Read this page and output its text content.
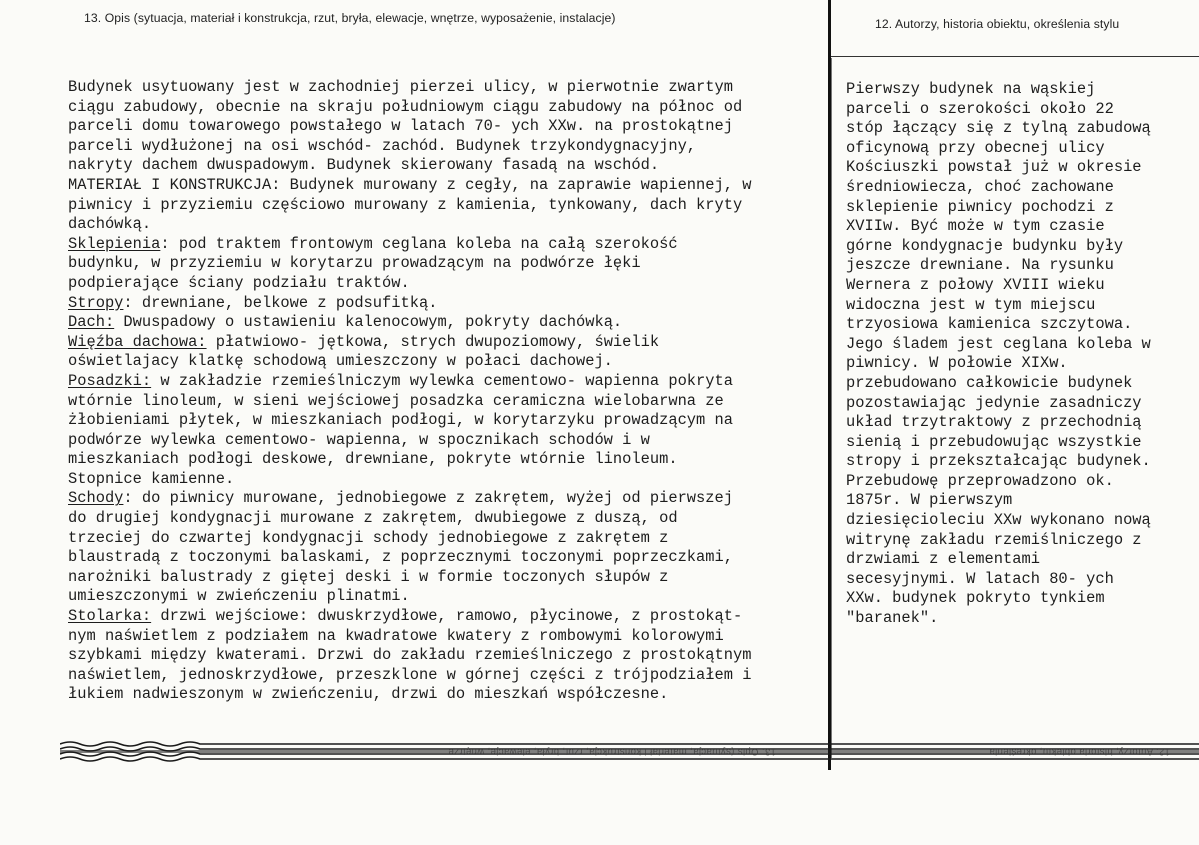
13. Opis (sytuacja, materiał i konstrukcja, rzut, bryła, elewacje, wnętrze, wyposażenie, instalacje)	12. Autorzy, historia obiektu, określenia stylu
Budynek usytuowany jest w zachodniej pierzei ulicy, w pierwotnie zwartym
ciągu zabudowy, obecnie na skraju południowym ciągu zabudowy na północ od
parceli domu towarowego powstałego w latach 70- ych XXw. na prostokątnej
parceli wydłużonej na osi wschód- zachód. Budynek trzykondygnacyjny,
nakryty dachem dwuspadowym. Budynek skierowany fasadą na wschód.
MATERIAŁ I KONSTRUKCJA: Budynek murowany z cegły, na zaprawie wapiennej, w
piwnicy i przyziemiu częściowo murowany z kamienia, tynkowany, dach kryty
dachówką.
Sklepienia: pod traktem frontowym ceglana koleba na całą szerokość
budynku, w przyziemiu w korytarzu prowadzącym na podwórze łęki
podpierające ściany podziału traktów.
Stropy: drewniane, belkowe z podsufitką.
Dach: Dwuspadowy o ustawieniu kalenocowym, pokryty dachówką.
Więźba dachowa: płatwiowo- jętkowa, strych dwupoziomowy, świelik
oświetlajacy klatkę schodową umieszczony w połaci dachowej.
Posadzki: w zakładzie rzemieślniczym wylewka cementowo- wapienna pokryta
wtórnie linoleum, w sieni wejściowej posadzka ceramiczna wielobarwna ze
żłobieniami płytek, w mieszkaniach podłogi, w korytarzyku prowadzącym na
podwórze wylewka cementowo- wapienna, w spocznikach schodów i w
mieszkaniach podłogi deskowe, drewniane, pokryte wtórnie linoleum.
Stopnice kamienne.
Schody: do piwnicy murowane, jednobiegowe z zakrętem, wyżej od pierwszej
do drugiej kondygnacji murowane z zakrętem, dwubiegowe z duszą, od
trzeciej do czwartej kondygnacji schody jednobiegowe z zakrętem z
blaustradą z toczonymi balaskami, z poprzecznymi toczonymi poprzeczkami,
narożniki balustrady z giętej deski i w formie toczonych słupów z
umieszczonymi w zwieńczeniu plinatmi.
Stolarka: drzwi wejściowe: dwuskrzydłowe, ramowo, płycinowe, z prostokąt-
nym naświetlem z podziałem na kwadratowe kwatery z rombowymi kolorowymi
szybkami między kwaterami. Drzwi do zakładu rzemieślniczego z prostokątnym
naświetlem, jednoskrzydłowe, przeszklone w górnej części z trójpodziałem i
łukiem nadwieszonym w zwieńczeniu, drzwi do mieszkań współczesne.
Pierwszy budynek na wąskiej
parceli o szerokości około 22
stóp łączący się z tylną zabudową
oficynową przy obecnej ulicy
Kościuszki powstał już w okresie
średniowiecza, choć zachowane
sklepienie piwnicy pochodzi z
XVIIw. Być może w tym czasie
górne kondygnacje budynku były
jeszcze drewniane. Na rysunku
Wernera z połowy XVIII wieku
widoczna jest w tym miejscu
trzyosiowa kamienica szczytowa.
Jego śladem jest ceglana koleba w
piwnicy. W połowie XIXw.
przebudowano całkowicie budynek
pozostawiając jedynie zasadniczy
układ trzytraktowy z przechodnią
sienią i przebudowując wszystkie
stropy i przekształcając budynek.
Przebudowę przeprowadzono ok.
1875r. W pierwszym
dziesięcioleciu XXw wykonano nową
witrynę zakładu rzemiślniczego z
drzwiami z elementami
secesyjnymi. W latach 80- ych
XXw. budynek pokryto tynkiem
"baranek".
13. Opis (sytuacja, materiał i konstrukcja, rzut, bryła, elewacje, wnętrze	12. Autorzy, historia obiektu, określenia
